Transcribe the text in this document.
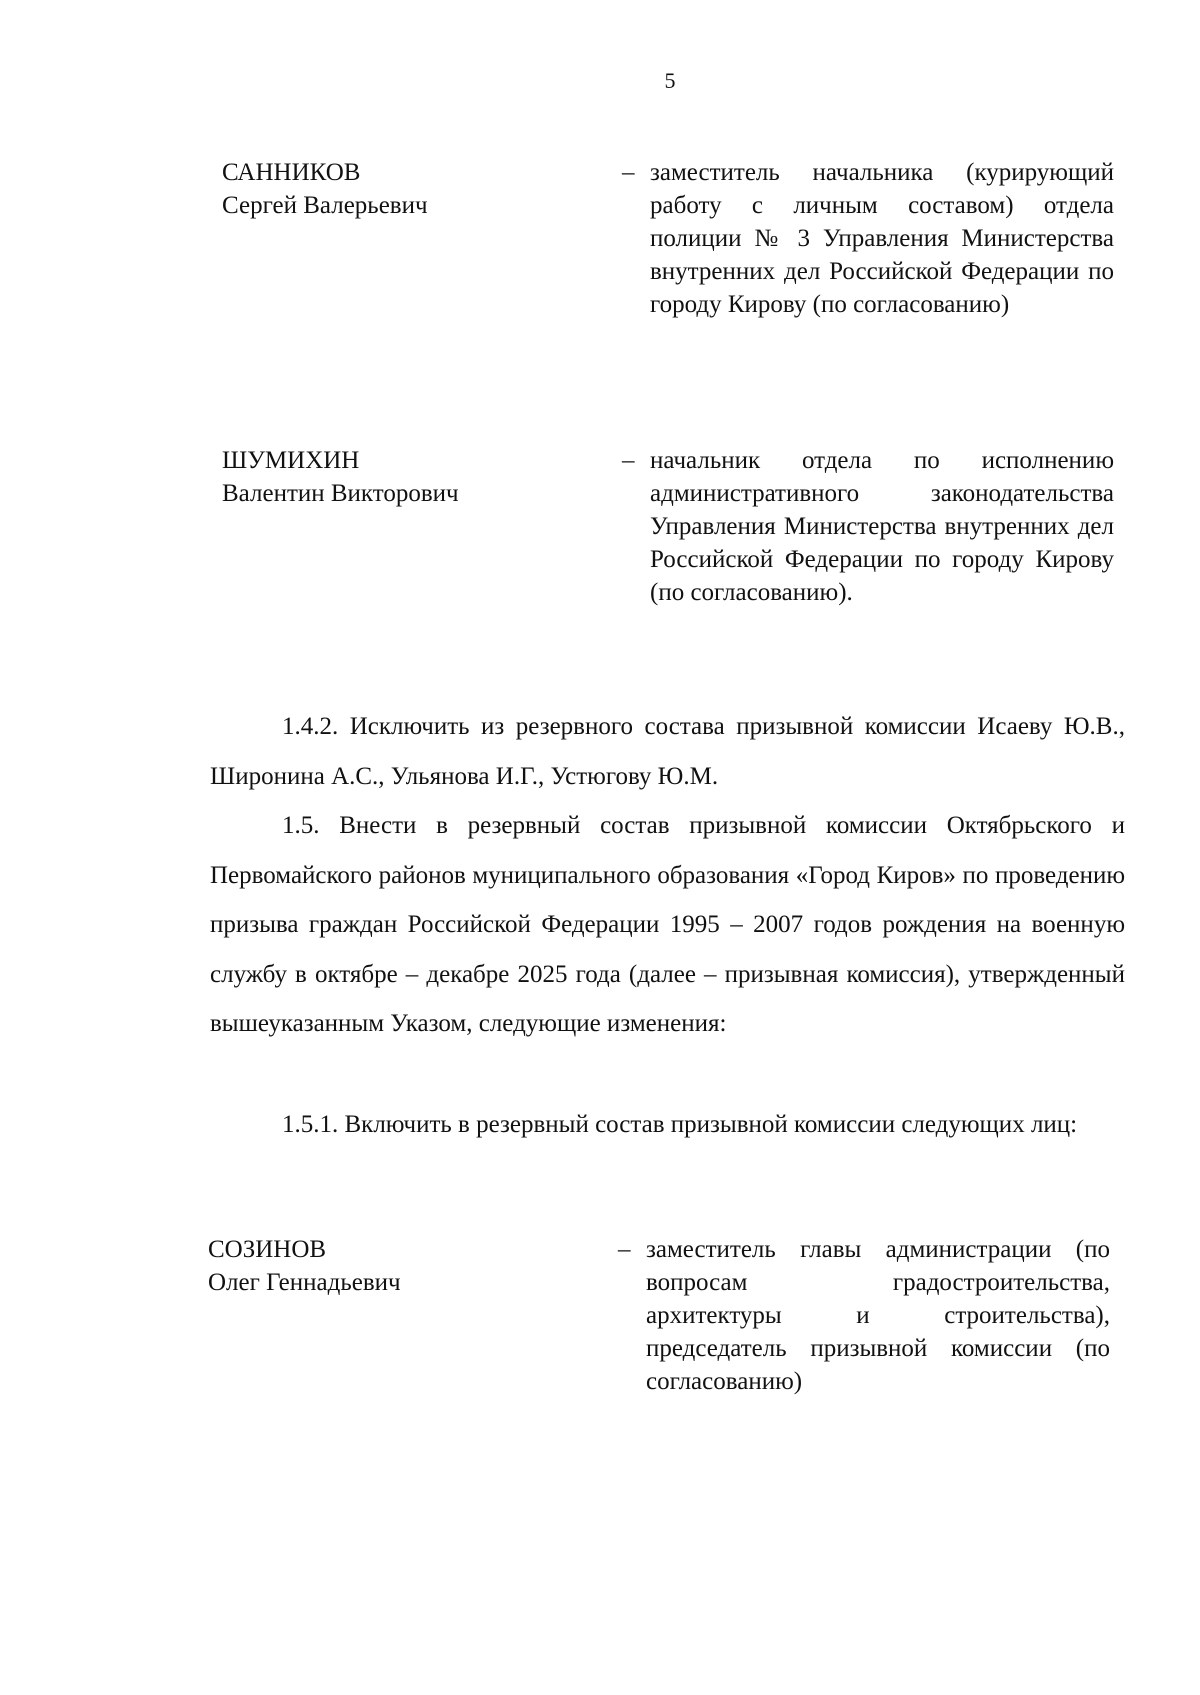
5
САННИКОВ
Сергей Валерьевич
– заместитель начальника (курирующий работу с личным составом) отдела полиции № 3 Управления Министерства внутренних дел Российской Федерации по городу Кирову (по согласованию)
ШУМИХИН
Валентин Викторович
– начальник отдела по исполнению административного законодательства Управления Министерства внутренних дел Российской Федерации по городу Кирову (по согласованию).
1.4.2. Исключить из резервного состава призывной комиссии Исаеву Ю.В., Широнина А.С., Ульянова И.Г., Устюгову Ю.М.
1.5. Внести в резервный состав призывной комиссии Октябрьского и Первомайского районов муниципального образования «Город Киров» по проведению призыва граждан Российской Федерации 1995 – 2007 годов рождения на военную службу в октябре – декабре 2025 года (далее – призывная комиссия), утвержденный вышеуказанным Указом, следующие изменения:
1.5.1. Включить в резервный состав призывной комиссии следующих лиц:
СОЗИНОВ
Олег Геннадьевич
– заместитель главы администрации (по вопросам градостроительства, архитектуры и строительства), председатель призывной комиссии (по согласованию)
